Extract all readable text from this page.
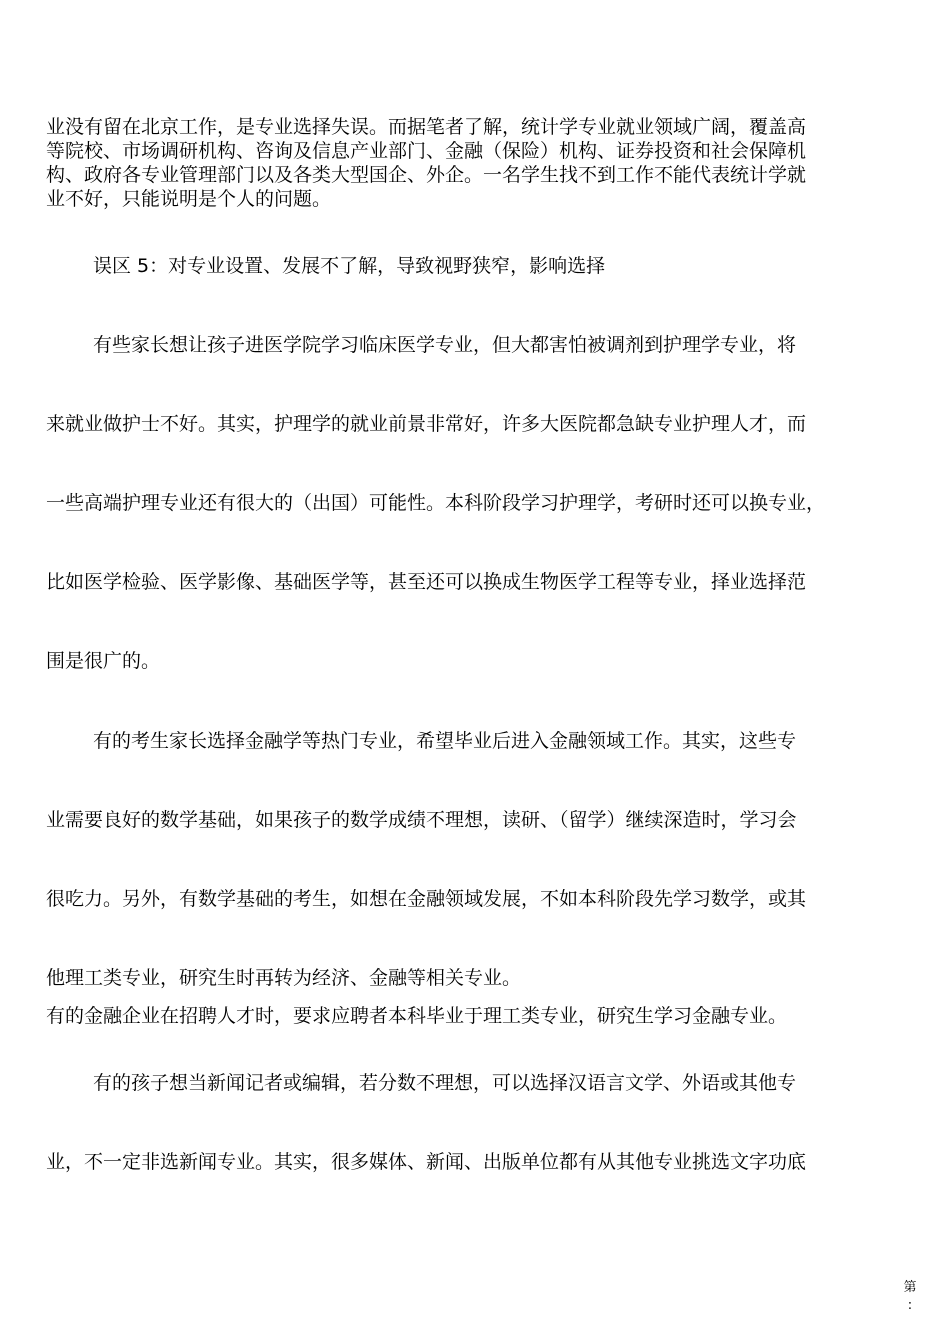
业没有留在北京工作，是专业选择失误。而据笔者了解，统计学专业就业领域广阔，覆盖高
等院校、市场调研机构、咨询及信息产业部门、金融（保险）机构、证券投资和社会保障机
构、政府各专业管理部门以及各类大型国企、外企。一名学生找不到工作不能代表统计学就
业不好，只能说明是个人的问题。
误区 5：对专业设置、发展不了解，导致视野狭窄，影响选择
有些家长想让孩子进医学院学习临床医学专业，但大都害怕被调剂到护理学专业，将
来就业做护士不好。其实，护理学的就业前景非常好，许多大医院都急缺专业护理人才，而
一些高端护理专业还有很大的（出国）可能性。本科阶段学习护理学，考研时还可以换专业，
比如医学检验、医学影像、基础医学等，甚至还可以换成生物医学工程等专业，择业选择范
围是很广的。
有的考生家长选择金融学等热门专业，希望毕业后进入金融领域工作。其实，这些专
业需要良好的数学基础，如果孩子的数学成绩不理想，读研、（留学）继续深造时，学习会
很吃力。另外，有数学基础的考生，如想在金融领域发展，不如本科阶段先学习数学，或其
他理工类专业，研究生时再转为经济、金融等相关专业。
有的金融企业在招聘人才时，要求应聘者本科毕业于理工类专业，研究生学习金融专业。
有的孩子想当新闻记者或编辑，若分数不理想，可以选择汉语言文学、外语或其他专
业，不一定非选新闻专业。其实，很多媒体、新闻、出版单位都有从其他专业挑选文字功底
第
:
